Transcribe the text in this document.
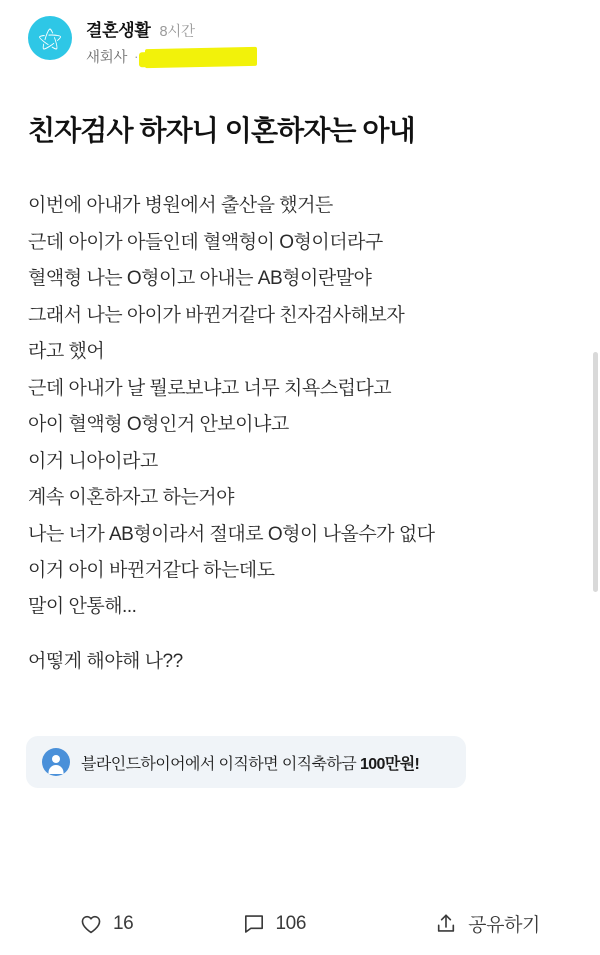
⚝ 결혼생활 8시간
새회사 ·
친자검사 하자니 이혼하자는 아내

이번에 아내가 병원에서 출산을 했거든

근데 아이가 아들인데 혈액형이 O형이더라구

혈액형 나는 O형이고 아내는 AB형이란말야

그래서 나는 아이가 바뀐거같다 친자검사해보자

라고 했어

근데 아내가 날 뭘로보냐고 너무 치욕스럽다고

아이 혈액형 O형인거 안보이냐고

이거 니아이라고

계속 이혼하자고 하는거야

나는 너가 AB형이라서 절대로 O형이 나올수가 없다

이거 아이 바뀐거같다 하는데도

말이 안통해...

어떻게 해야해 나??

블라인드하이어에서 이직하면 이직축하금 100만원!
16	106	공유하기
